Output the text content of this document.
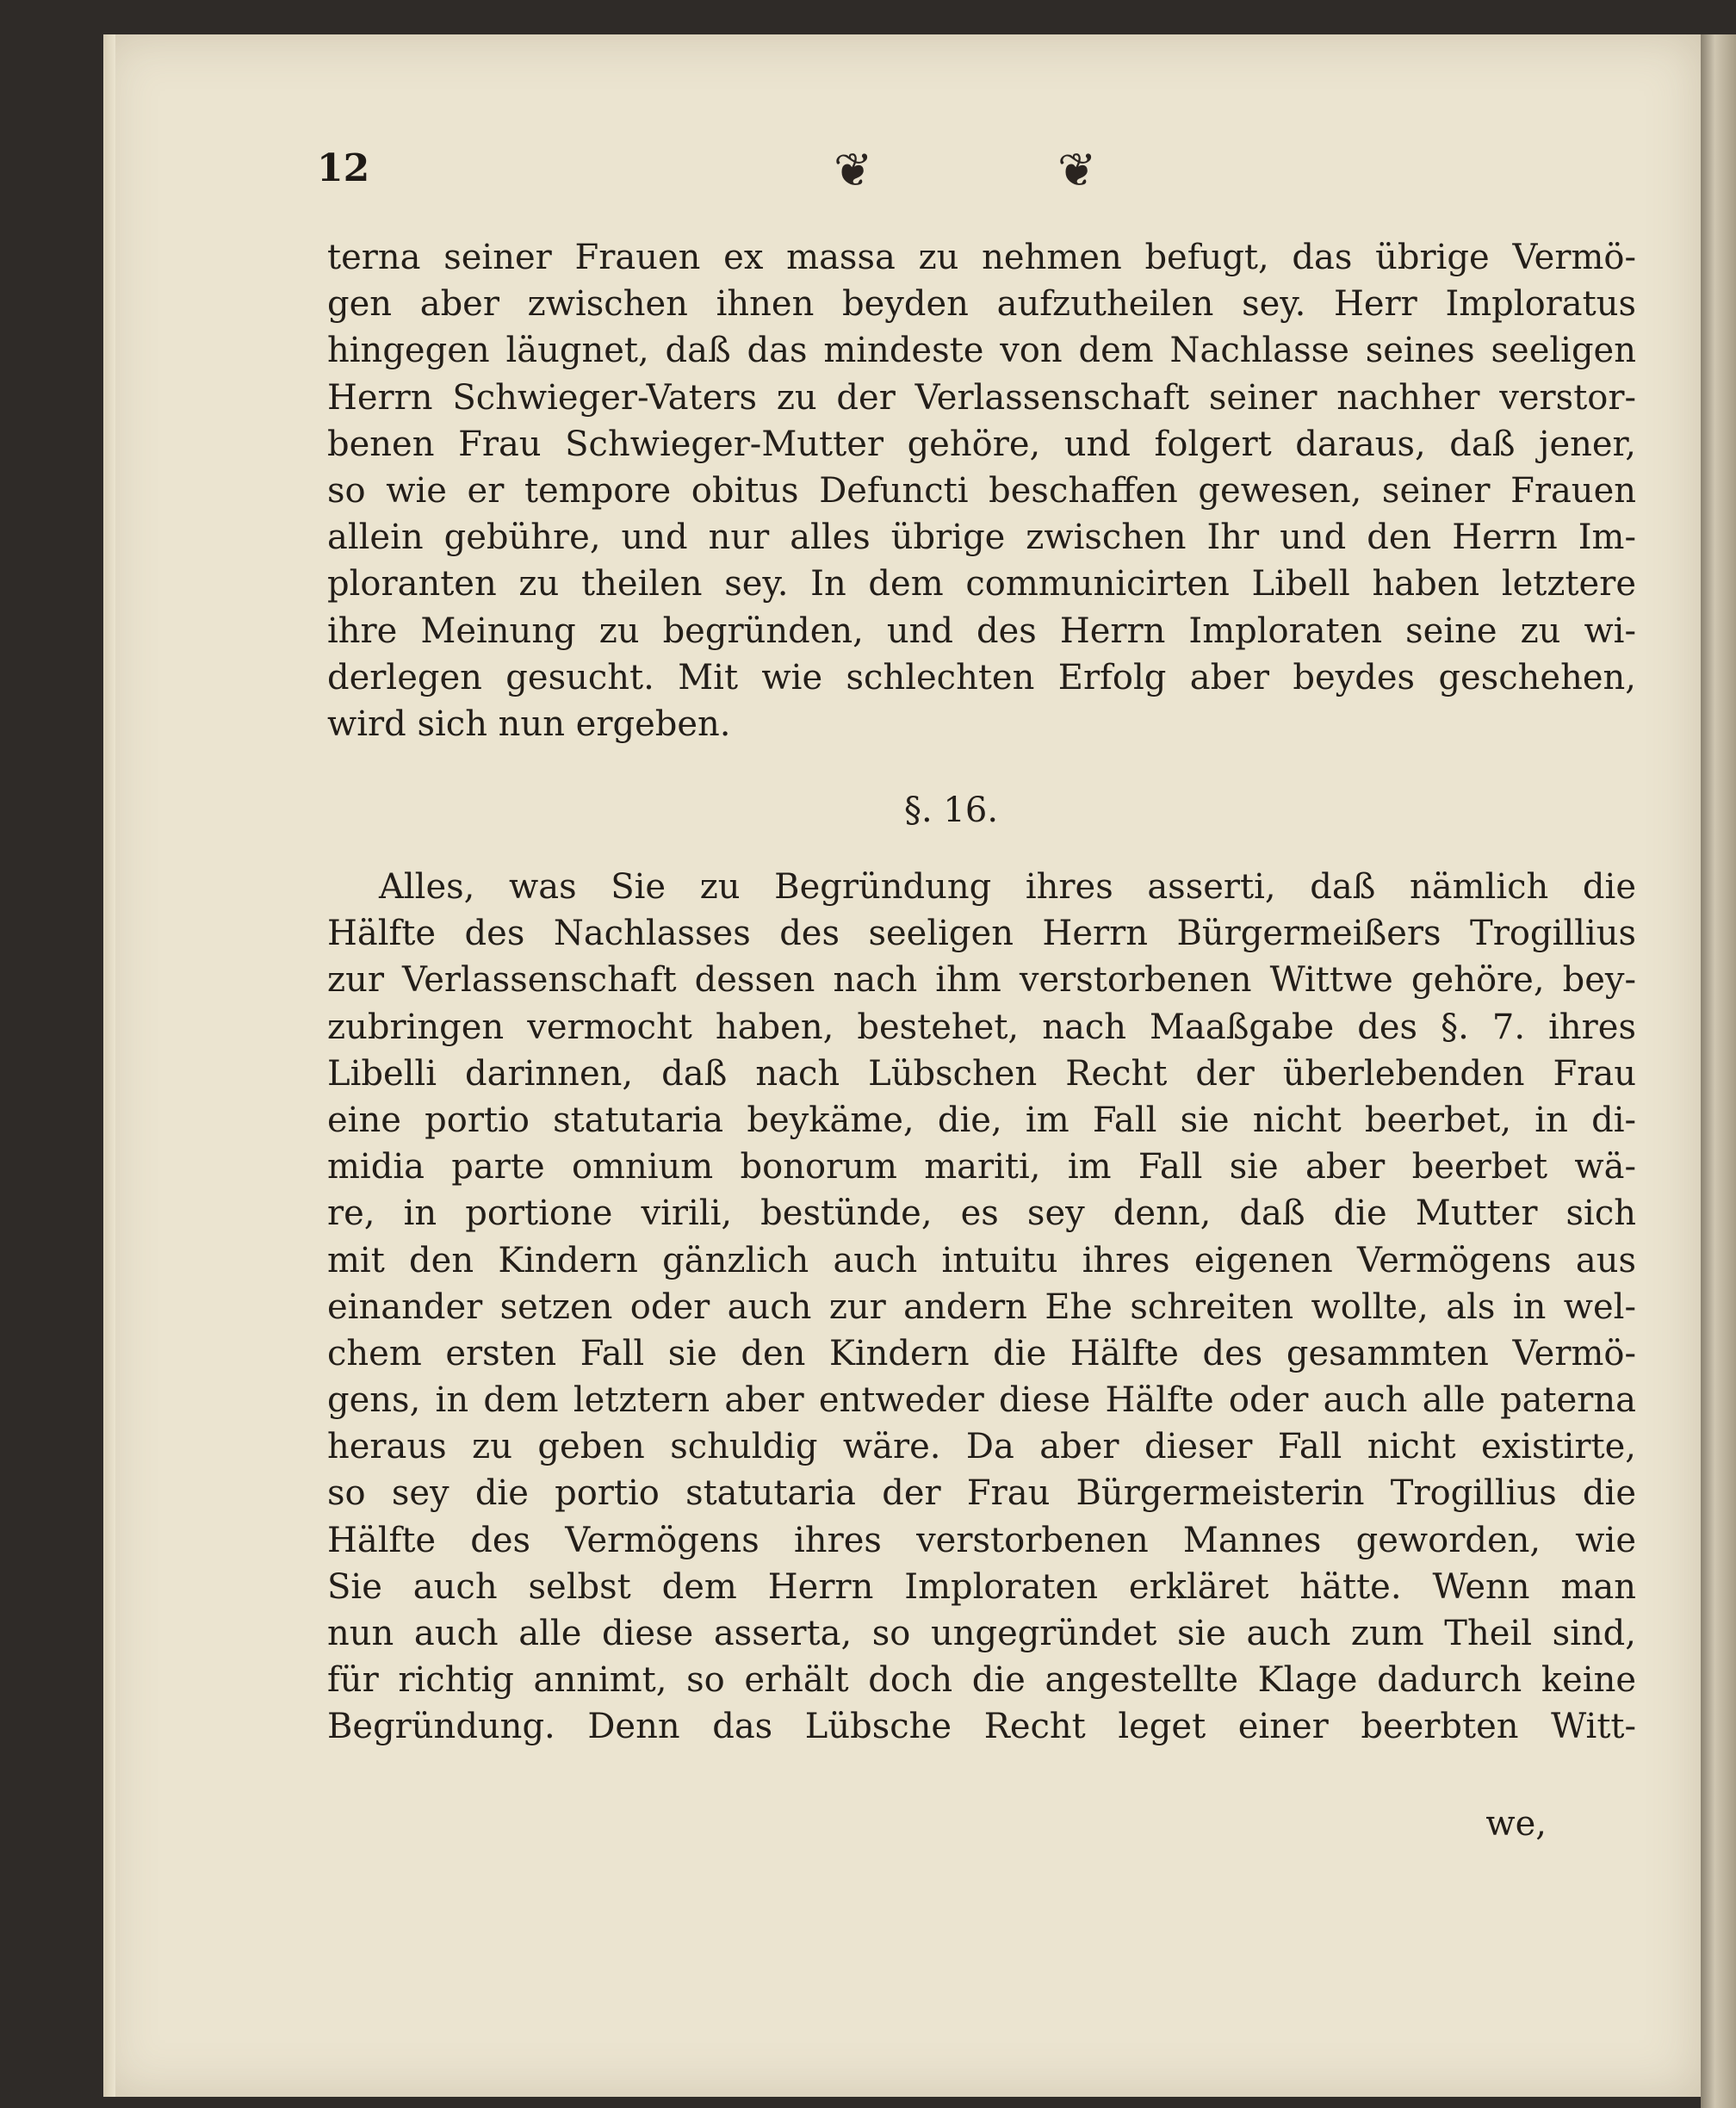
12	❦	❦
terna seiner Frauen ex massa zu nehmen befugt, das übrige Vermö-
gen aber zwischen ihnen beyden aufzutheilen sey. Herr Imploratus
hingegen läugnet, daß das mindeste von dem Nachlasse seines seeligen
Herrn Schwieger-Vaters zu der Verlassenschaft seiner nachher verstor-
benen Frau Schwieger-Mutter gehöre, und folgert daraus, daß jener,
so wie er tempore obitus Defuncti beschaffen gewesen, seiner Frauen
allein gebühre, und nur alles übrige zwischen Ihr und den Herrn Im-
ploranten zu theilen sey. In dem communicirten Libell haben letztere
ihre Meinung zu begründen, und des Herrn Imploraten seine zu wi-
derlegen gesucht. Mit wie schlechten Erfolg aber beydes geschehen,
wird sich nun ergeben.
§. 16.
Alles, was Sie zu Begründung ihres asserti, daß nämlich die
Hälfte des Nachlasses des seeligen Herrn Bürgermeißers Trogillius
zur Verlassenschaft dessen nach ihm verstorbenen Wittwe gehöre, bey-
zubringen vermocht haben, bestehet, nach Maaßgabe des §. 7. ihres
Libelli darinnen, daß nach Lübschen Recht der überlebenden Frau
eine portio statutaria beykäme, die, im Fall sie nicht beerbet, in di-
midia parte omnium bonorum mariti, im Fall sie aber beerbet wä-
re, in portione virili, bestünde, es sey denn, daß die Mutter sich
mit den Kindern gänzlich auch intuitu ihres eigenen Vermögens aus
einander setzen oder auch zur andern Ehe schreiten wollte, als in wel-
chem ersten Fall sie den Kindern die Hälfte des gesammten Vermö-
gens, in dem letztern aber entweder diese Hälfte oder auch alle paterna
heraus zu geben schuldig wäre. Da aber dieser Fall nicht existirte,
so sey die portio statutaria der Frau Bürgermeisterin Trogillius die
Hälfte des Vermögens ihres verstorbenen Mannes geworden, wie
Sie auch selbst dem Herrn Imploraten erkläret hätte. Wenn man
nun auch alle diese asserta, so ungegründet sie auch zum Theil sind,
für richtig annimt, so erhält doch die angestellte Klage dadurch keine
Begründung. Denn das Lübsche Recht leget einer beerbten Witt-
we,
